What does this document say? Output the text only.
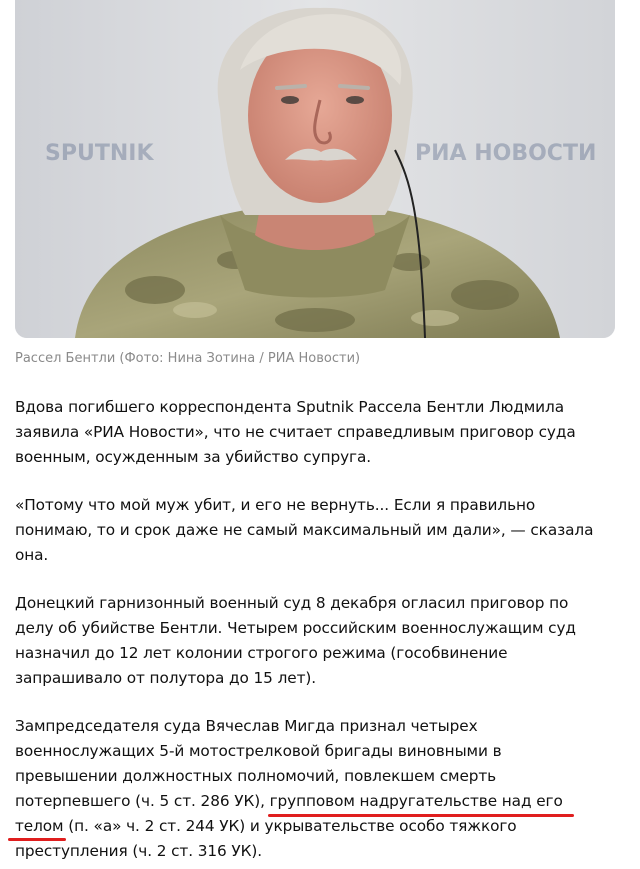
SPUTNIK	РИА НОВОСТИ
Рассел Бентли (Фото: Нина Зотина / РИА Новости)

Вдова погибшего корреспондента Sputnik Рассела Бентли Людмила
заявила «РИА Новости», что не считает справедливым приговор суда
военным, осужденным за убийство супруга.

«Потому что мой муж убит, и его не вернуть... Если я правильно
понимаю, то и срок даже не самый максимальный им дали», — сказала
она.

Донецкий гарнизонный военный суд 8 декабря огласил приговор по
делу об убийстве Бентли. Четырем российским военнослужащим суд
назначил до 12 лет колонии строгого режима (гособвинение
запрашивало от полутора до 15 лет).

Зампредседателя суда Вячеслав Мигда признал четырех
военнослужащих 5-й мотострелковой бригады виновными в
превышении должностных полномочий, повлекшем смерть
потерпевшего (ч. 5 ст. 286 УК), групповом надругательстве над его
телом (п. «а» ч. 2 ст. 244 УК) и укрывательстве особо тяжкого
преступления (ч. 2 ст. 316 УК).
